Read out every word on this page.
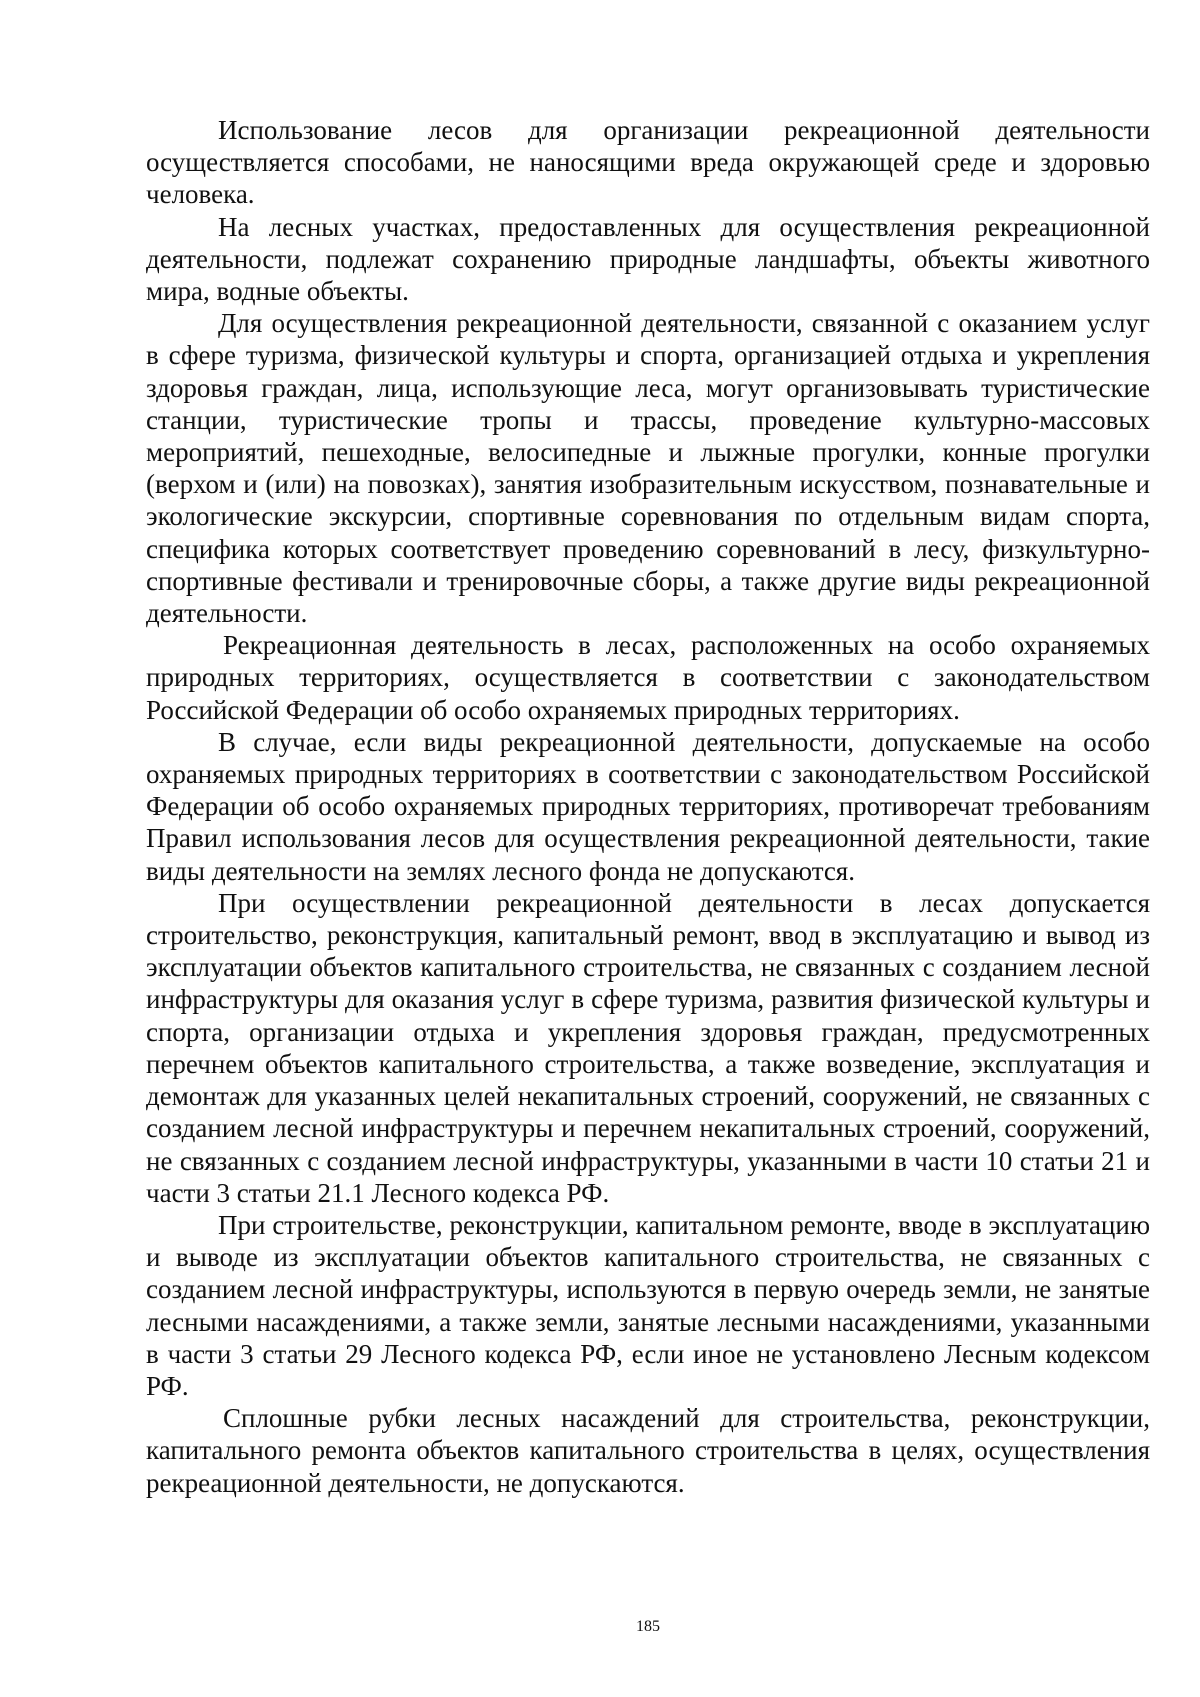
Использование лесов для организации рекреационной деятельности осуществляется способами, не наносящими вреда окружающей среде и здоровью человека.

На лесных участках, предоставленных для осуществления рекреационной деятельности, подлежат сохранению природные ландшафты, объекты животного мира, водные объекты.

Для осуществления рекреационной деятельности, связанной с оказанием услуг в сфере туризма, физической культуры и спорта, организацией отдыха и укрепления здоровья граждан, лица, использующие леса, могут организовывать туристические станции, туристические тропы и трассы, проведение культурно-массовых мероприятий, пешеходные, велосипедные и лыжные прогулки, конные прогулки (верхом и (или) на повозках), занятия изобразительным искусством, познавательные и экологические экскурсии, спортивные соревнования по отдельным видам спорта, специфика которых соответствует проведению соревнований в лесу, физкультурно-спортивные фестивали и тренировочные сборы, а также другие виды рекреационной деятельности.

Рекреационная деятельность в лесах, расположенных на особо охраняемых природных территориях, осуществляется в соответствии с законодательством Российской Федерации об особо охраняемых природных территориях.

В случае, если виды рекреационной деятельности, допускаемые на особо охраняемых природных территориях в соответствии с законодательством Российской Федерации об особо охраняемых природных территориях, противоречат требованиям Правил использования лесов для осуществления рекреационной деятельности, такие виды деятельности на землях лесного фонда не допускаются.

При осуществлении рекреационной деятельности в лесах допускается строительство, реконструкция, капитальный ремонт, ввод в эксплуатацию и вывод из эксплуатации объектов капитального строительства, не связанных с созданием лесной инфраструктуры для оказания услуг в сфере туризма, развития физической культуры и спорта, организации отдыха и укрепления здоровья граждан, предусмотренных перечнем объектов капитального строительства, а также возведение, эксплуатация и демонтаж для указанных целей некапитальных строений, сооружений, не связанных с созданием лесной инфраструктуры и перечнем некапитальных строений, сооружений, не связанных с созданием лесной инфраструктуры, указанными в части 10 статьи 21 и части 3 статьи 21.1 Лесного кодекса РФ.

При строительстве, реконструкции, капитальном ремонте, вводе в эксплуатацию и выводе из эксплуатации объектов капитального строительства, не связанных с созданием лесной инфраструктуры, используются в первую очередь земли, не занятые лесными насаждениями, а также земли, занятые лесными насаждениями, указанными в части 3 статьи 29 Лесного кодекса РФ, если иное не установлено Лесным кодексом РФ.

Сплошные рубки лесных насаждений для строительства, реконструкции, капитального ремонта объектов капитального строительства в целях, осуществления рекреационной деятельности, не допускаются.

185
